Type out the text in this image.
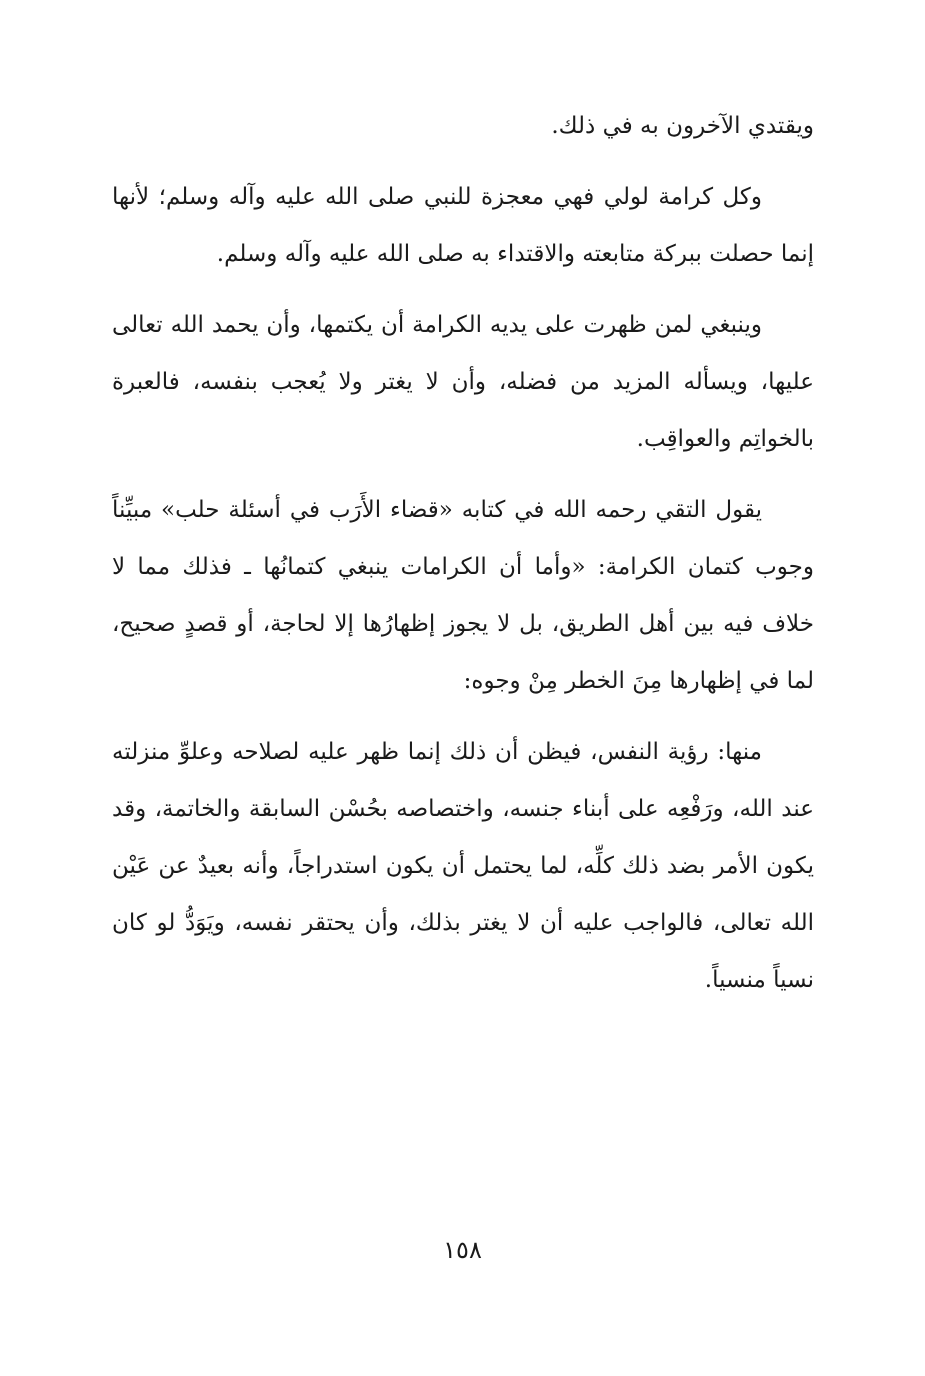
ويقتدي الآخرون به في ذلك.

وكل كرامة لولي فهي معجزة للنبي صلى الله عليه وآله وسلم؛ لأنها إنما حصلت ببركة متابعته والاقتداء به صلى الله عليه وآله وسلم.

وينبغي لمن ظهرت على يديه الكرامة أن يكتمها، وأن يحمد الله تعالى عليها، ويسأله المزيد من فضله، وأن لا يغتر ولا يُعجب بنفسه، فالعبرة بالخواتِم والعواقِب.

يقول التقي رحمه الله في كتابه «قضاء الأَرَب في أسئلة حلب» مبيِّناً وجوب كتمان الكرامة: «وأما أن الكرامات ينبغي كتمانُها ـ فذلك مما لا خلاف فيه بين أهل الطريق، بل لا يجوز إظهارُها إلا لحاجة، أو قصدٍ صحيح، لما في إظهارها مِنَ الخطر مِنْ وجوه:

منها: رؤية النفس، فيظن أن ذلك إنما ظهر عليه لصلاحه وعلوِّ منزلته عند الله، ورَفْعِه على أبناء جنسه، واختصاصه بحُسْن السابقة والخاتمة، وقد يكون الأمر بضد ذلك كلِّه، لما يحتمل أن يكون استدراجاً، وأنه بعيدٌ عن عَيْن الله تعالى، فالواجب عليه أن لا يغتر بذلك، وأن يحتقر نفسه، ويَوَدُّ لو كان نسياً منسياً.

١٥٨
